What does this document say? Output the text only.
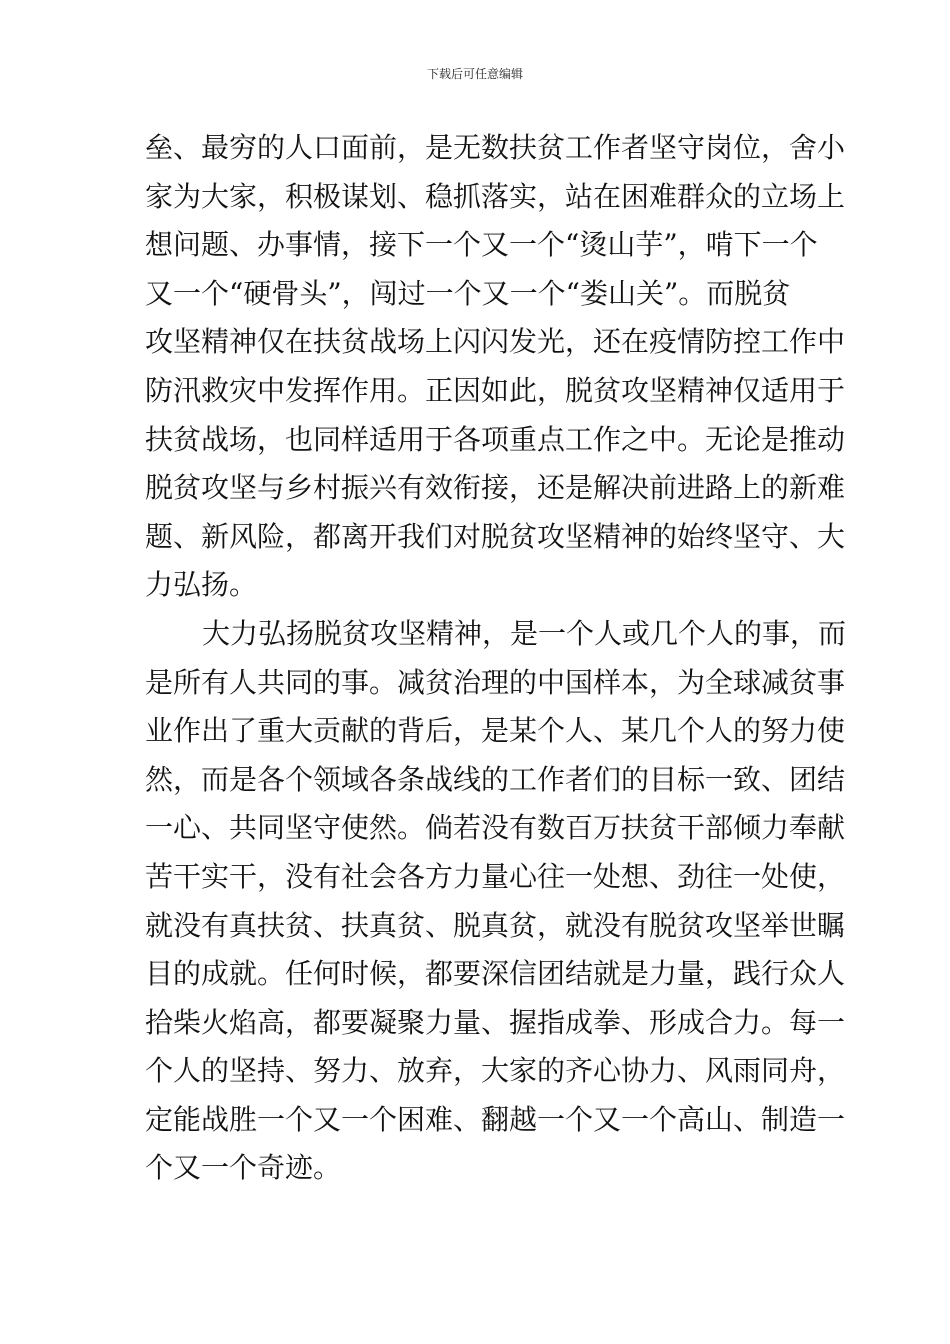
下载后可任意编辑
垒、最穷的人口面前，是无数扶贫工作者坚守岗位，舍小
家为大家，积极谋划、稳抓落实，站在困难群众的立场上
想问题、办事情，接下一个又一个“烫山芋”，啃下一个
又一个“硬骨头”，闯过一个又一个“娄山关”。而脱贫
攻坚精神仅在扶贫战场上闪闪发光，还在疫情防控工作中
防汛救灾中发挥作用。正因如此，脱贫攻坚精神仅适用于
扶贫战场，也同样适用于各项重点工作之中。无论是推动
脱贫攻坚与乡村振兴有效衔接，还是解决前进路上的新难
题、新风险，都离开我们对脱贫攻坚精神的始终坚守、大
力弘扬。
大力弘扬脱贫攻坚精神，是一个人或几个人的事，而
是所有人共同的事。减贫治理的中国样本，为全球减贫事
业作出了重大贡献的背后，是某个人、某几个人的努力使
然，而是各个领域各条战线的工作者们的目标一致、团结
一心、共同坚守使然。倘若没有数百万扶贫干部倾力奉献
苦干实干，没有社会各方力量心往一处想、劲往一处使，
就没有真扶贫、扶真贫、脱真贫，就没有脱贫攻坚举世瞩
目的成就。任何时候，都要深信团结就是力量，践行众人
拾柴火焰高，都要凝聚力量、握指成拳、形成合力。每一
个人的坚持、努力、放弃，大家的齐心协力、风雨同舟，
定能战胜一个又一个困难、翻越一个又一个高山、制造一
个又一个奇迹。
